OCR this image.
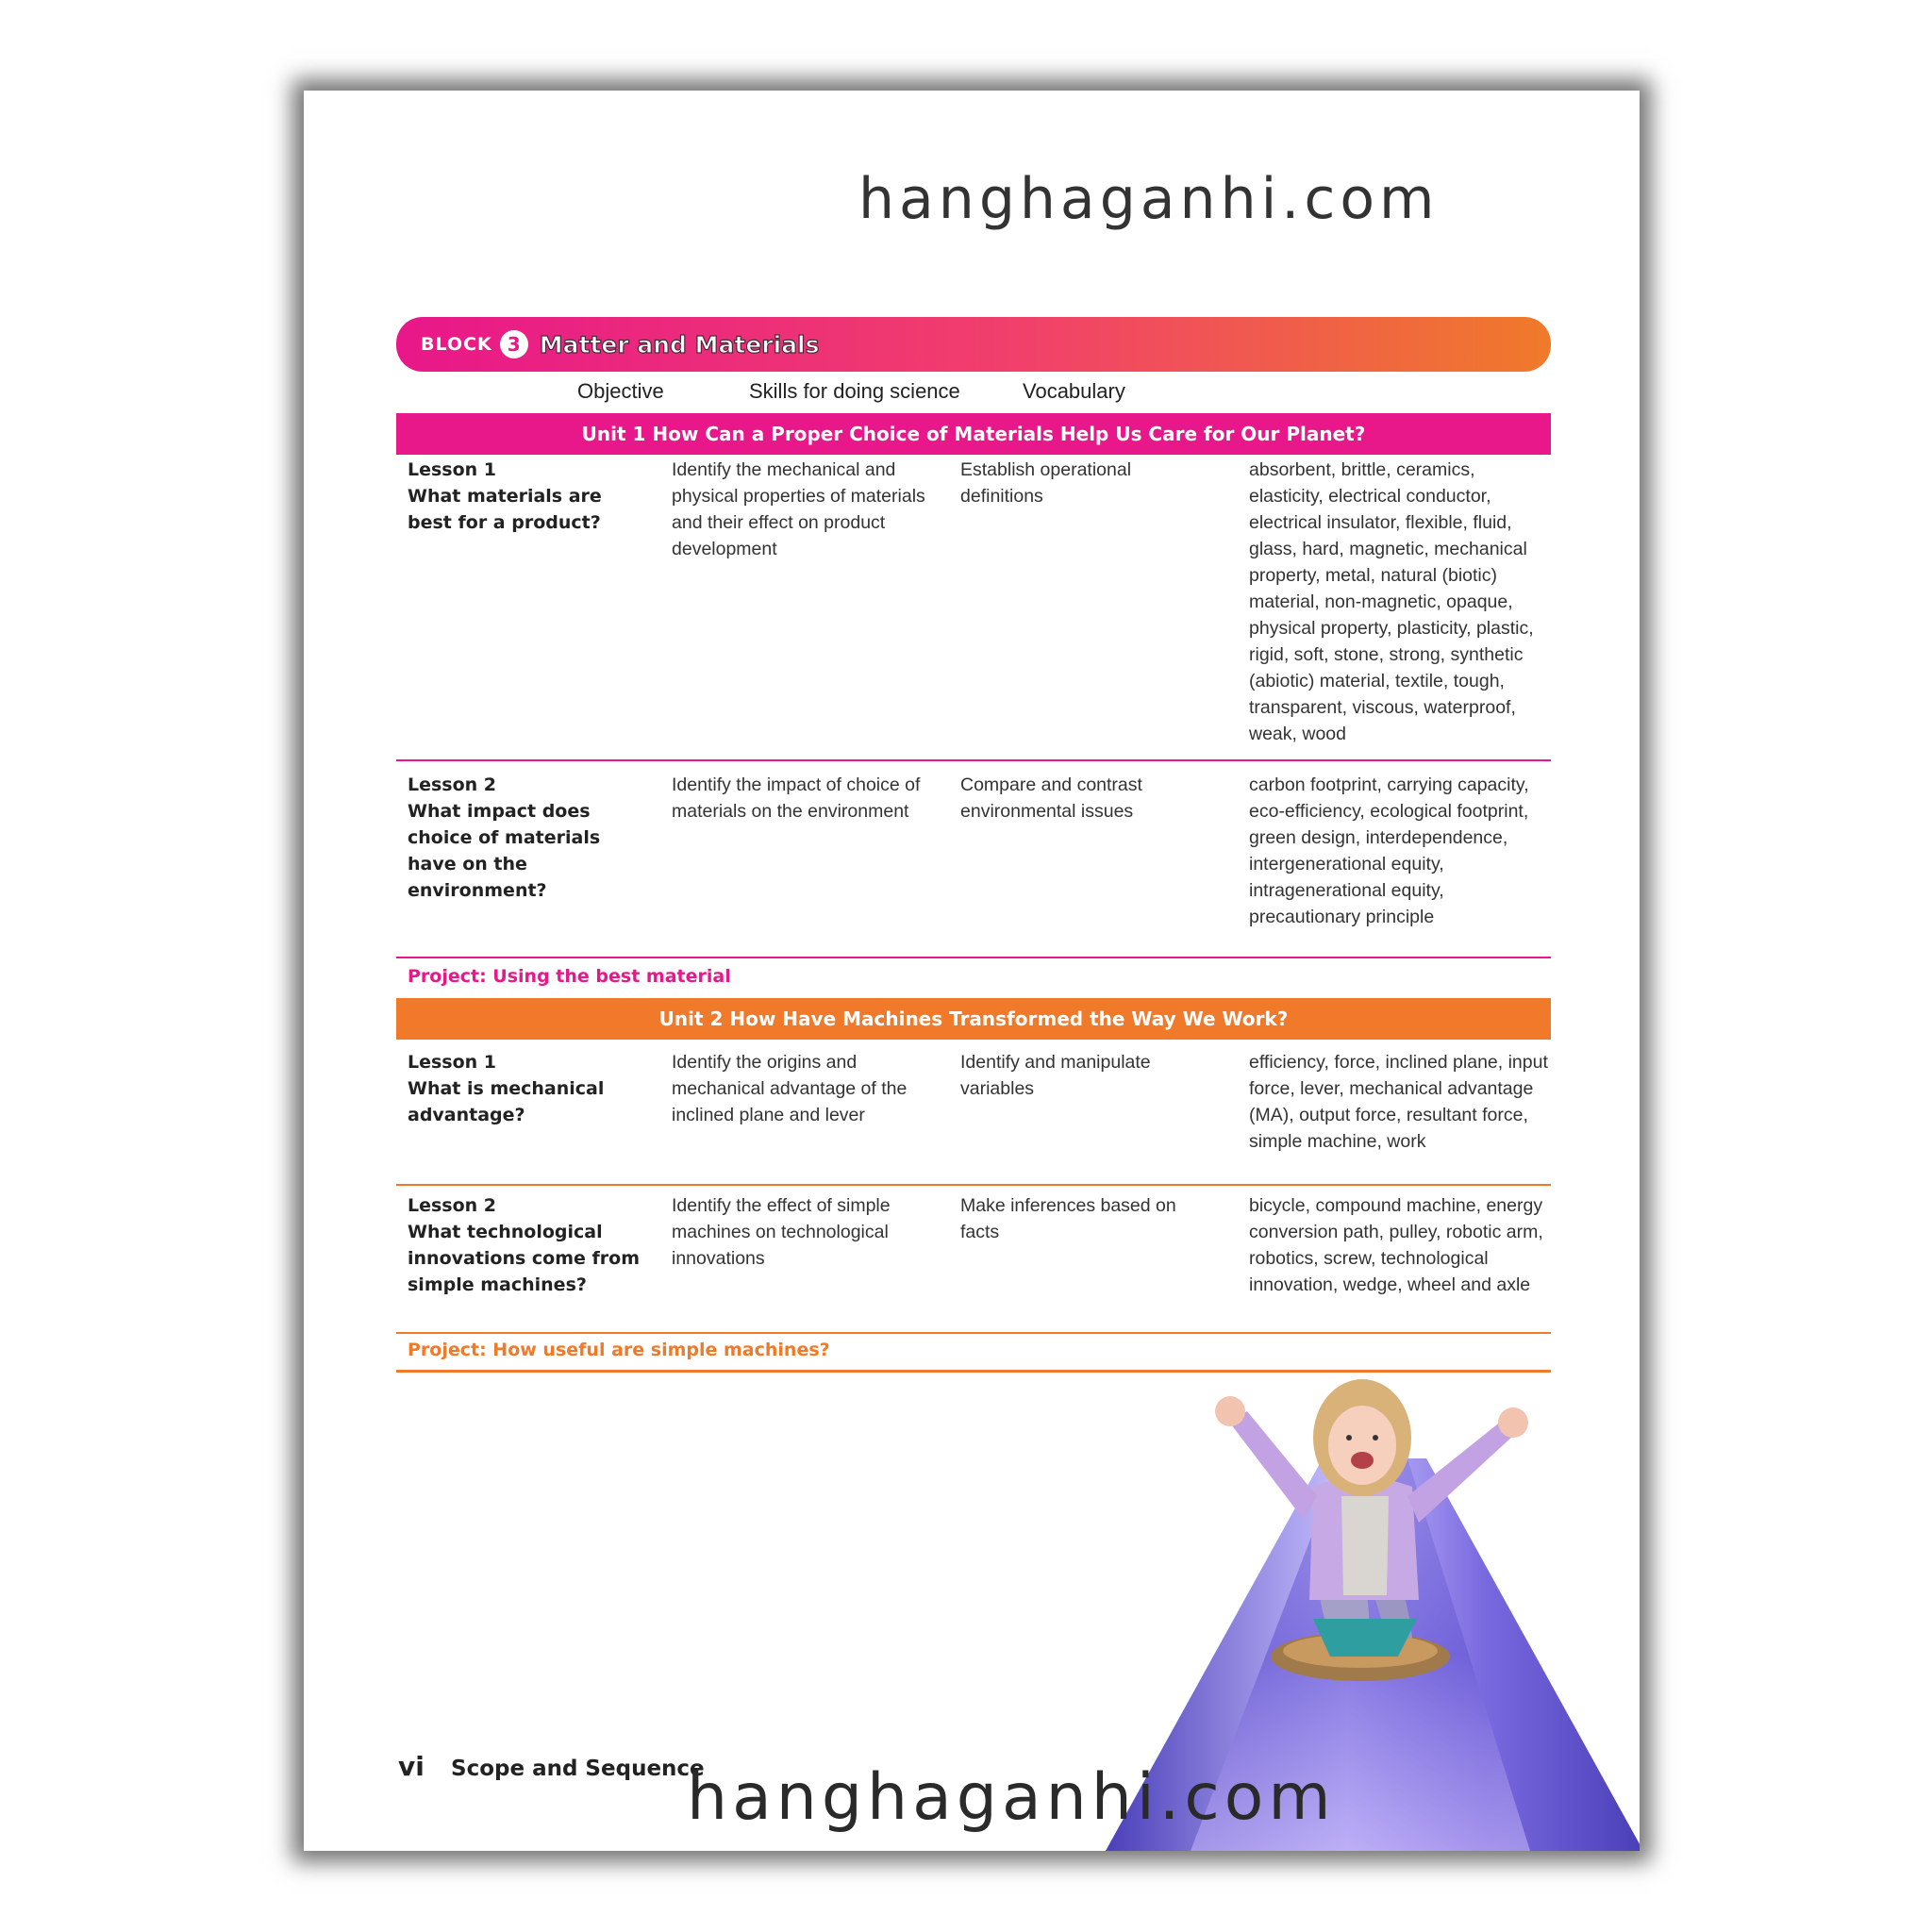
hanghaganhi.com
BLOCK 3 Matter and Materials
Objective	Skills for doing science	Vocabulary
Unit 1 How Can a Proper Choice of Materials Help Us Care for Our Planet?
Lesson 1
What materials are best for a product?
Identify the mechanical and physical properties of materials and their effect on product development
Establish operational definitions
absorbent, brittle, ceramics, elasticity, electrical conductor, electrical insulator, flexible, fluid, glass, hard, magnetic, mechanical property, metal, natural (biotic) material, non-magnetic, opaque, physical property, plasticity, plastic, rigid, soft, stone, strong, synthetic (abiotic) material, textile, tough, transparent, viscous, waterproof, weak, wood
Lesson 2
What impact does choice of materials have on the environment?
Identify the impact of choice of materials on the environment
Compare and contrast environmental issues
carbon footprint, carrying capacity, eco-efficiency, ecological footprint, green design, interdependence, intergenerational equity, intragenerational equity, precautionary principle
Project: Using the best material
Unit 2 How Have Machines Transformed the Way We Work?
Lesson 1
What is mechanical advantage?
Identify the origins and mechanical advantage of the inclined plane and lever
Identify and manipulate variables
efficiency, force, inclined plane, input force, lever, mechanical advantage (MA), output force, resultant force, simple machine, work
Lesson 2
What technological innovations come from simple machines?
Identify the effect of simple machines on technological innovations
Make inferences based on facts
bicycle, compound machine, energy conversion path, pulley, robotic arm, robotics, screw, technological innovation, wedge, wheel and axle
Project: How useful are simple machines?
vi Scope and Sequence
hanghaganhi.com
